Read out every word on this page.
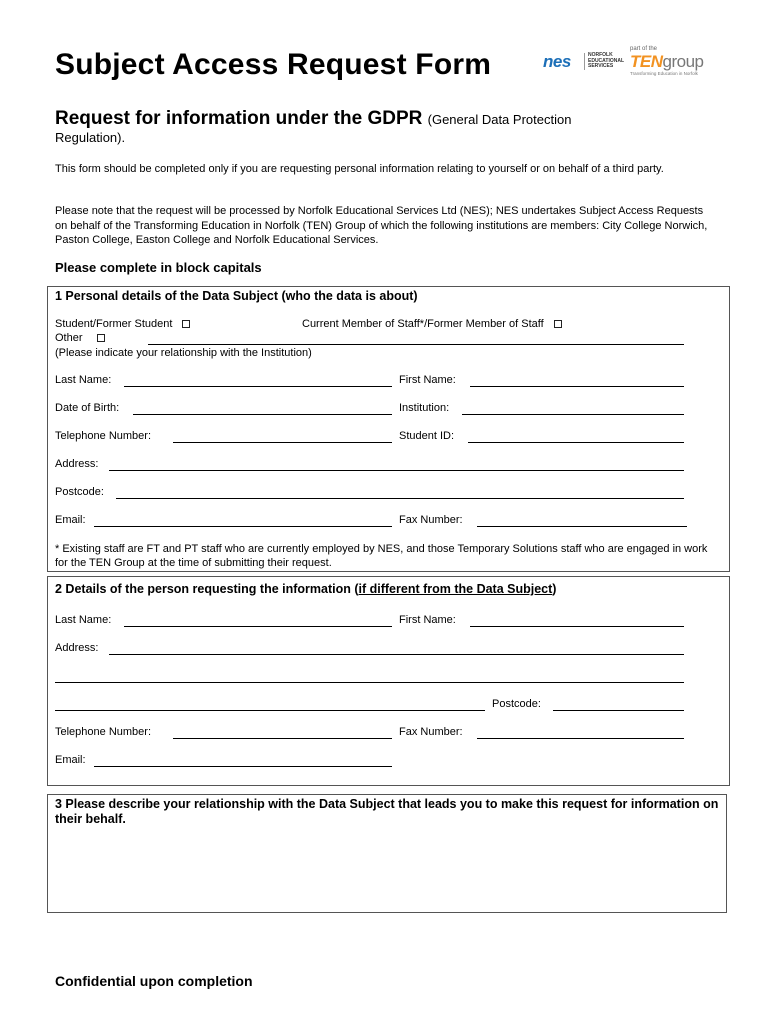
Subject Access Request Form	nes	NORFOLK
EDUCATIONAL
SERVICES
part of the
TENgroup
Transforming Education in Norfolk
Request for information under the GDPR (General Data Protection
Regulation).
This form should be completed only if you are requesting personal information relating to yourself or on behalf of a third party.
Please note that the request will be processed by Norfolk Educational Services Ltd (NES); NES undertakes Subject Access Requests on behalf of the Transforming Education in Norfolk (TEN) Group of which the following institutions are members: City College Norwich, Paston College, Easton College and Norfolk Educational Services.
Please complete in block capitals
1 Personal details of the Data Subject (who the data is about)
Student/Former Student	Current Member of Staff*/Former Member of Staff
Other
(Please indicate your relationship with the Institution)
Last Name:	First Name:
Date of Birth:	Institution:
Telephone Number:	Student ID:
Address:
Postcode:
Email:	Fax Number:
* Existing staff are FT and PT staff who are currently employed by NES, and those Temporary Solutions staff who are engaged in work for the TEN Group at the time of submitting their request.
2 Details of the person requesting the information (if different from the Data Subject)
Last Name:	First Name:
Address:
Postcode:
Telephone Number:	Fax Number:
Email:
3 Please describe your relationship with the Data Subject that leads you to make this request for information on their behalf.
Confidential upon completion
